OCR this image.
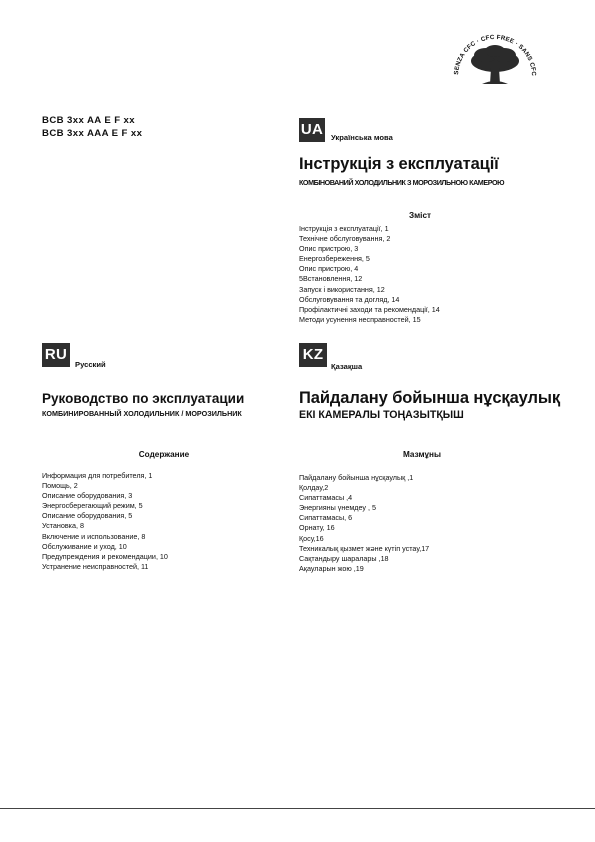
SENZA CFC · CFC FREE · SANS CFC
BCB 3xx AA E F xx
BCB 3xx AAA E F xx	UA Українська мова
Інструкція з експлуатації
КОМБІНОВАНИЙ ХОЛОДИЛЬНИК З МОРОЗИЛЬНОЮ КАМЕРОЮ
Зміст
Інструкція з експлуатації, 1
Технічне обслуговування, 2
Опис пристрою, 3
Енергозбереження, 5
Опис пристрою, 4
5Встановлення, 12
Запуск і використання, 12
Обслуговування та догляд, 14
Профілактичні заходи та рекомендації, 14
Методи усунення несправностей, 15
RU
Русский
Руководство по эксплуатации
КОМБИНИРОВАННЫЙ ХОЛОДИЛЬНИК / МОРОЗИЛЬНИК
Содержание
Информация для потребителя, 1
Помощь, 2
Описание оборудования, 3
Энергосберегающий режим, 5
Описание оборудования, 5
Установка, 8
Включение и использование, 8
Обслуживание и уход, 10
Предупреждения и рекомендации, 10
Устранение неисправностей, 11
KZ
Қазақша
Пайдалану бойынша нұсқаулық
ЕКІ КАМЕРАЛЫ ТОҢАЗЫТҚЫШ
Мазмұны
Пайдалану бойынша нұсқаулық ,1
Қолдау,2
Сипаттамасы ,4
Энергияны үнемдеу , 5
Сипаттамасы, 6
Орнату, 16
Қосу,16
Техникалық қызмет және күтіп устау,17
Сақтандыру шаралары ,18
Ақауларын жою ,19
